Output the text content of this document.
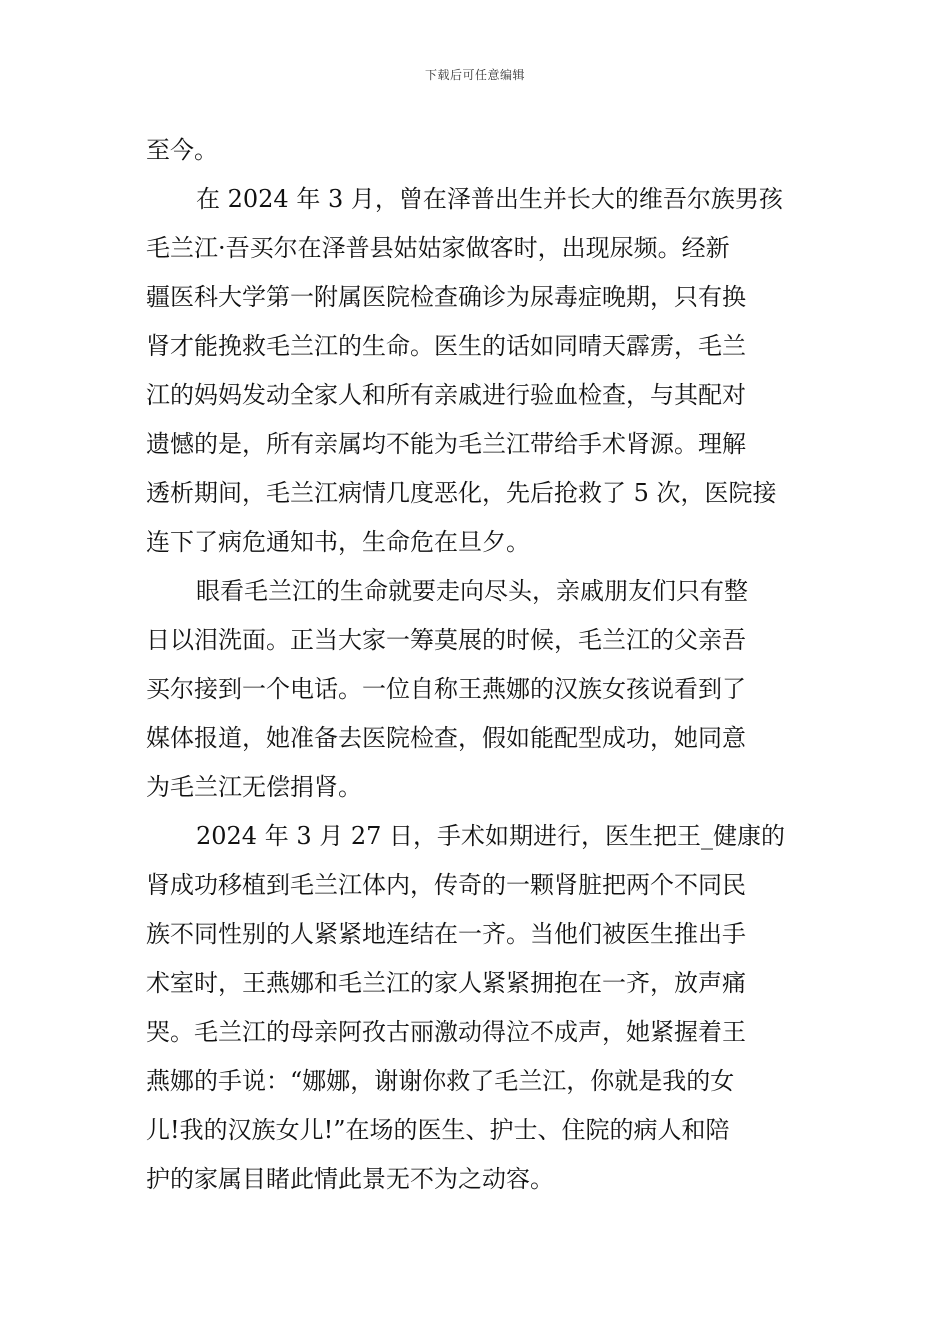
下载后可任意编辑
至今。
在 2024 年 3 月，曾在泽普出生并长大的维吾尔族男孩
毛兰江·吾买尔在泽普县姑姑家做客时，出现尿频。经新
疆医科大学第一附属医院检查确诊为尿毒症晚期，只有换
肾才能挽救毛兰江的生命。医生的话如同晴天霹雳，毛兰
江的妈妈发动全家人和所有亲戚进行验血检查，与其配对
遗憾的是，所有亲属均不能为毛兰江带给手术肾源。理解
透析期间，毛兰江病情几度恶化，先后抢救了 5 次，医院接
连下了病危通知书，生命危在旦夕。
眼看毛兰江的生命就要走向尽头，亲戚朋友们只有整
日以泪洗面。正当大家一筹莫展的时候，毛兰江的父亲吾
买尔接到一个电话。一位自称王燕娜的汉族女孩说看到了
媒体报道，她准备去医院检查，假如能配型成功，她同意
为毛兰江无偿捐肾。
2024 年 3 月 27 日，手术如期进行，医生把王_健康的
肾成功移植到毛兰江体内，传奇的一颗肾脏把两个不同民
族不同性别的人紧紧地连结在一齐。当他们被医生推出手
术室时，王燕娜和毛兰江的家人紧紧拥抱在一齐，放声痛
哭。毛兰江的母亲阿孜古丽激动得泣不成声，她紧握着王
燕娜的手说：“娜娜，谢谢你救了毛兰江，你就是我的女
儿!我的汉族女儿!”在场的医生、护士、住院的病人和陪
护的家属目睹此情此景无不为之动容。
